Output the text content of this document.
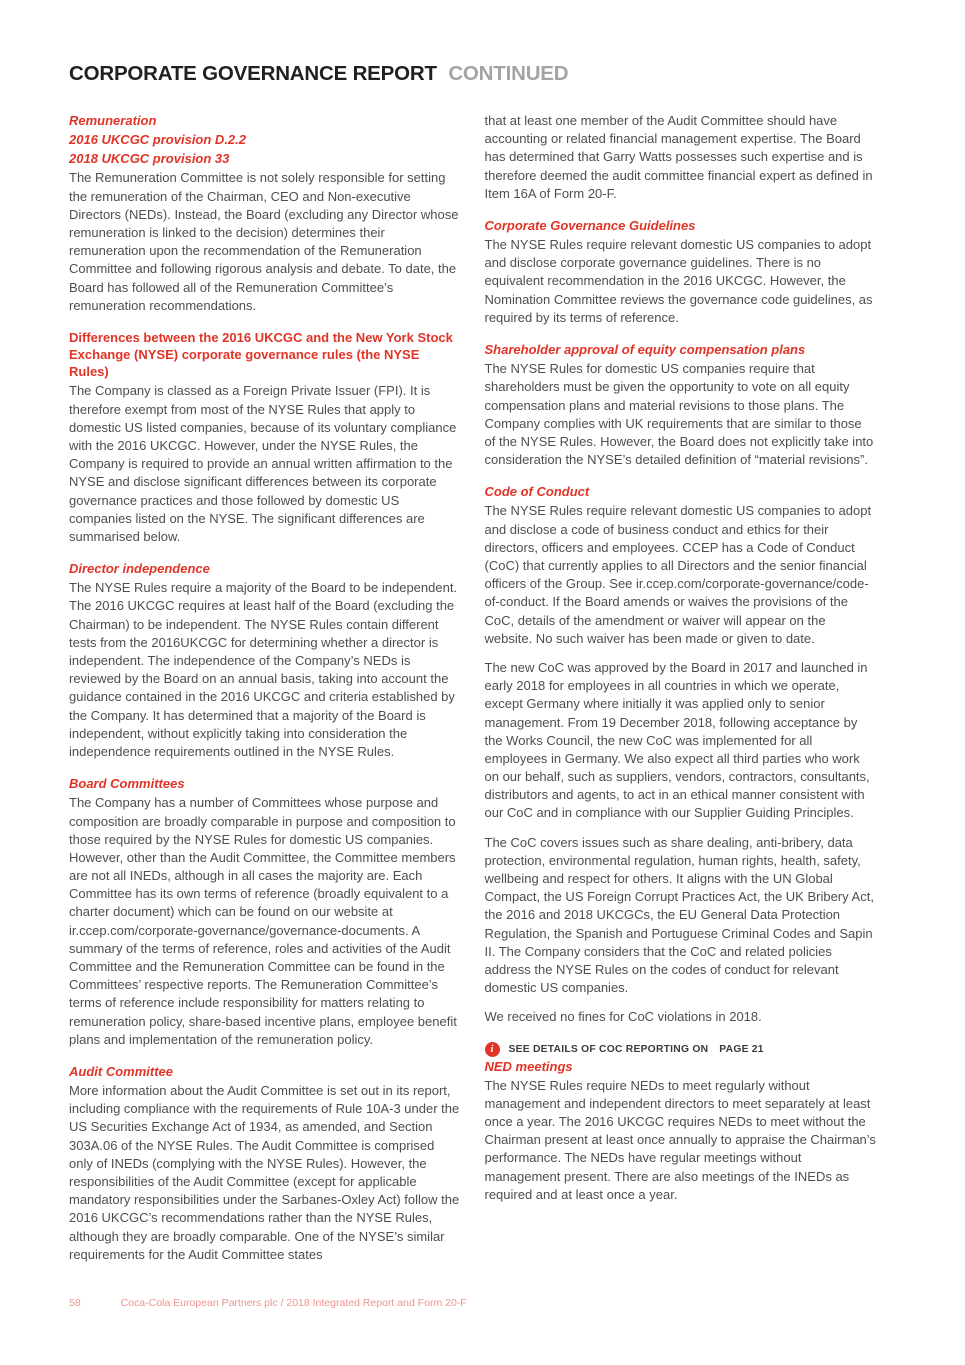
CORPORATE GOVERNANCE REPORT CONTINUED
Remuneration
2016 UKCGC provision D.2.2
2018 UKCGC provision 33

The Remuneration Committee is not solely responsible for setting the remuneration of the Chairman, CEO and Non-executive Directors (NEDs). Instead, the Board (excluding any Director whose remuneration is linked to the decision) determines their remuneration upon the recommendation of the Remuneration Committee and following rigorous analysis and debate. To date, the Board has followed all of the Remuneration Committee’s remuneration recommendations.

Differences between the 2016 UKCGC and the New York Stock Exchange (NYSE) corporate governance rules (the NYSE Rules)

The Company is classed as a Foreign Private Issuer (FPI). It is therefore exempt from most of the NYSE Rules that apply to domestic US listed companies, because of its voluntary compliance with the 2016 UKCGC. However, under the NYSE Rules, the Company is required to provide an annual written affirmation to the NYSE and disclose significant differences between its corporate governance practices and those followed by domestic US companies listed on the NYSE. The significant differences are summarised below.

Director independence

The NYSE Rules require a majority of the Board to be independent. The 2016 UKCGC requires at least half of the Board (excluding the Chairman) to be independent. The NYSE Rules contain different tests from the 2016UKCGC for determining whether a director is independent. The independence of the Company’s NEDs is reviewed by the Board on an annual basis, taking into account the guidance contained in the 2016 UKCGC and criteria established by the Company. It has determined that a majority of the Board is independent, without explicitly taking into consideration the independence requirements outlined in the NYSE Rules.

Board Committees

The Company has a number of Committees whose purpose and composition are broadly comparable in purpose and composition to those required by the NYSE Rules for domestic US companies. However, other than the Audit Committee, the Committee members are not all INEDs, although in all cases the majority are. Each Committee has its own terms of reference (broadly equivalent to a charter document) which can be found on our website at ir.ccep.com/corporate-governance/governance-documents. A summary of the terms of reference, roles and activities of the Audit Committee and the Remuneration Committee can be found in the Committees’ respective reports. The Remuneration Committee’s terms of reference include responsibility for matters relating to remuneration policy, share-based incentive plans, employee benefit plans and implementation of the remuneration policy.

Audit Committee

More information about the Audit Committee is set out in its report, including compliance with the requirements of Rule 10A-3 under the US Securities Exchange Act of 1934, as amended, and Section 303A.06 of the NYSE Rules. The Audit Committee is comprised only of INEDs (complying with the NYSE Rules). However, the responsibilities of the Audit Committee (except for applicable mandatory responsibilities under the Sarbanes-Oxley Act) follow the 2016 UKCGC’s recommendations rather than the NYSE Rules, although they are broadly comparable. One of the NYSE’s similar requirements for the Audit Committee states

that at least one member of the Audit Committee should have accounting or related financial management expertise. The Board has determined that Garry Watts possesses such expertise and is therefore deemed the audit committee financial expert as defined in Item 16A of Form 20-F.

Corporate Governance Guidelines

The NYSE Rules require relevant domestic US companies to adopt and disclose corporate governance guidelines. There is no equivalent recommendation in the 2016 UKCGC. However, the Nomination Committee reviews the governance code guidelines, as required by its terms of reference.

Shareholder approval of equity compensation plans

The NYSE Rules for domestic US companies require that shareholders must be given the opportunity to vote on all equity compensation plans and material revisions to those plans. The Company complies with UK requirements that are similar to those of the NYSE Rules. However, the Board does not explicitly take into consideration the NYSE’s detailed definition of “material revisions”.

Code of Conduct

The NYSE Rules require relevant domestic US companies to adopt and disclose a code of business conduct and ethics for their directors, officers and employees. CCEP has a Code of Conduct (CoC) that currently applies to all Directors and the senior financial officers of the Group. See ir.ccep.com/corporate-governance/code-of-conduct. If the Board amends or waives the provisions of the CoC, details of the amendment or waiver will appear on the website. No such waiver has been made or given to date.

The new CoC was approved by the Board in 2017 and launched in early 2018 for employees in all countries in which we operate, except Germany where initially it was applied only to senior management. From 19 December 2018, following acceptance by the Works Council, the new CoC was implemented for all employees in Germany. We also expect all third parties who work on our behalf, such as suppliers, vendors, contractors, consultants, distributors and agents, to act in an ethical manner consistent with our CoC and in compliance with our Supplier Guiding Principles.

The CoC covers issues such as share dealing, anti-bribery, data protection, environmental regulation, human rights, health, safety, wellbeing and respect for others. It aligns with the UN Global Compact, the US Foreign Corrupt Practices Act, the UK Bribery Act, the 2016 and 2018 UKCGCs, the EU General Data Protection Regulation, the Spanish and Portuguese Criminal Codes and Sapin II. The Company considers that the CoC and related policies address the NYSE Rules on the codes of conduct for relevant domestic US companies.

We received no fines for CoC violations in 2018.

i	SEE DETAILS OF COC REPORTING ON PAGE 21
NED meetings

The NYSE Rules require NEDs to meet regularly without management and independent directors to meet separately at least once a year. The 2016 UKCGC requires NEDs to meet without the Chairman present at least once annually to appraise the Chairman’s performance. The NEDs have regular meetings without management present. There are also meetings of the INEDs as required and at least once a year.

58	Coca-Cola European Partners plc / 2018 Integrated Report and Form 20-F
